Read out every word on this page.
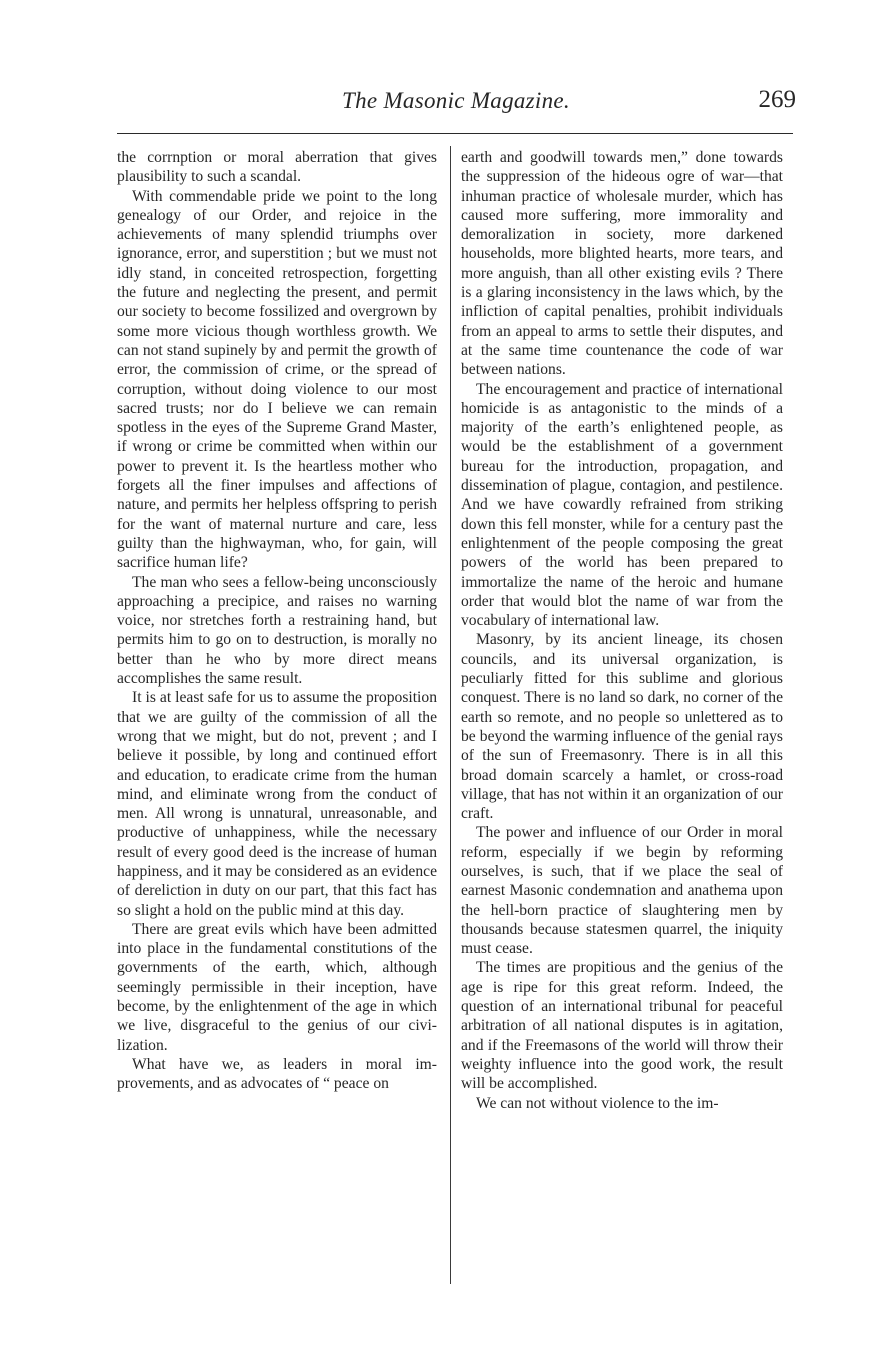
The Masonic Magazine.	269

the corrnption or moral aberration that gives plausibility to such a scandal.

With commendable pride we point to the long genealogy of our Order, and rejoice in the achievements of many splendid triumphs over ignorance, error, and superstition ; but we must not idly stand, in conceited retrospection, forgetting the future and neglecting the present, and permit our society to become fossilized and overgrown by some more vicious though worthless growth. We can not stand supinely by and permit the growth of error, the commission of crime, or the spread of corruption, without doing violence to our most sacred trusts; nor do I believe we can remain spotless in the eyes of the Supreme Grand Master, if wrong or crime be committed when within our power to prevent it. Is the heartless mother who forgets all the finer impulses and affections of nature, and permits her helpless offspring to perish for the want of maternal nurture and care, less guilty than the highwayman, who, for gain, will sacrifice human life?

The man who sees a fellow-being unconsciously approaching a precipice, and raises no warning voice, nor stretches forth a restraining hand, but permits him to go on to destruction, is morally no better than he who by more direct means accomplishes the same result.

It is at least safe for us to assume the proposition that we are guilty of the commission of all the wrong that we might, but do not, prevent ; and I believe it possible, by long and continued effort and education, to eradicate crime from the human mind, and eliminate wrong from the conduct of men. All wrong is unnatural, unreasonable, and productive of unhappiness, while the necessary result of every good deed is the increase of human happiness, and it may be considered as an evidence of dereliction in duty on our part, that this fact has so slight a hold on the public mind at this day.

There are great evils which have been admitted into place in the fundamental constitutions of the governments of the earth, which, although seemingly permissible in their inception, have become, by the enlightenment of the age in which we live, disgraceful to the genius of our civilization.

What have we, as leaders in moral improvements, and as advocates of “ peace on

earth and goodwill towards men,” done towards the suppression of the hideous ogre of war—that inhuman practice of wholesale murder, which has caused more suffering, more immorality and demoralization in society, more darkened households, more blighted hearts, more tears, and more anguish, than all other existing evils ? There is a glaring inconsistency in the laws which, by the infliction of capital penalties, prohibit individuals from an appeal to arms to settle their disputes, and at the same time countenance the code of war between nations.

The encouragement and practice of international homicide is as antagonistic to the minds of a majority of the earth’s enlightened people, as would be the establishment of a government bureau for the introduction, propagation, and dissemination of plague, contagion, and pestilence. And we have cowardly refrained from striking down this fell monster, while for a century past the enlightenment of the people composing the great powers of the world has been prepared to immortalize the name of the heroic and humane order that would blot the name of war from the vocabulary of international law.

Masonry, by its ancient lineage, its chosen councils, and its universal organization, is peculiarly fitted for this sublime and glorious conquest. There is no land so dark, no corner of the earth so remote, and no people so unlettered as to be beyond the warming influence of the genial rays of the sun of Freemasonry. There is in all this broad domain scarcely a hamlet, or cross-road village, that has not within it an organization of our craft.

The power and influence of our Order in moral reform, especially if we begin by reforming ourselves, is such, that if we place the seal of earnest Masonic condemnation and anathema upon the hell-born practice of slaughtering men by thousands because statesmen quarrel, the iniquity must cease.

The times are propitious and the genius of the age is ripe for this great reform. Indeed, the question of an international tribunal for peaceful arbitration of all national disputes is in agitation, and if the Freemasons of the world will throw their weighty influence into the good work, the result will be accomplished.

We can not without violence to the im-
